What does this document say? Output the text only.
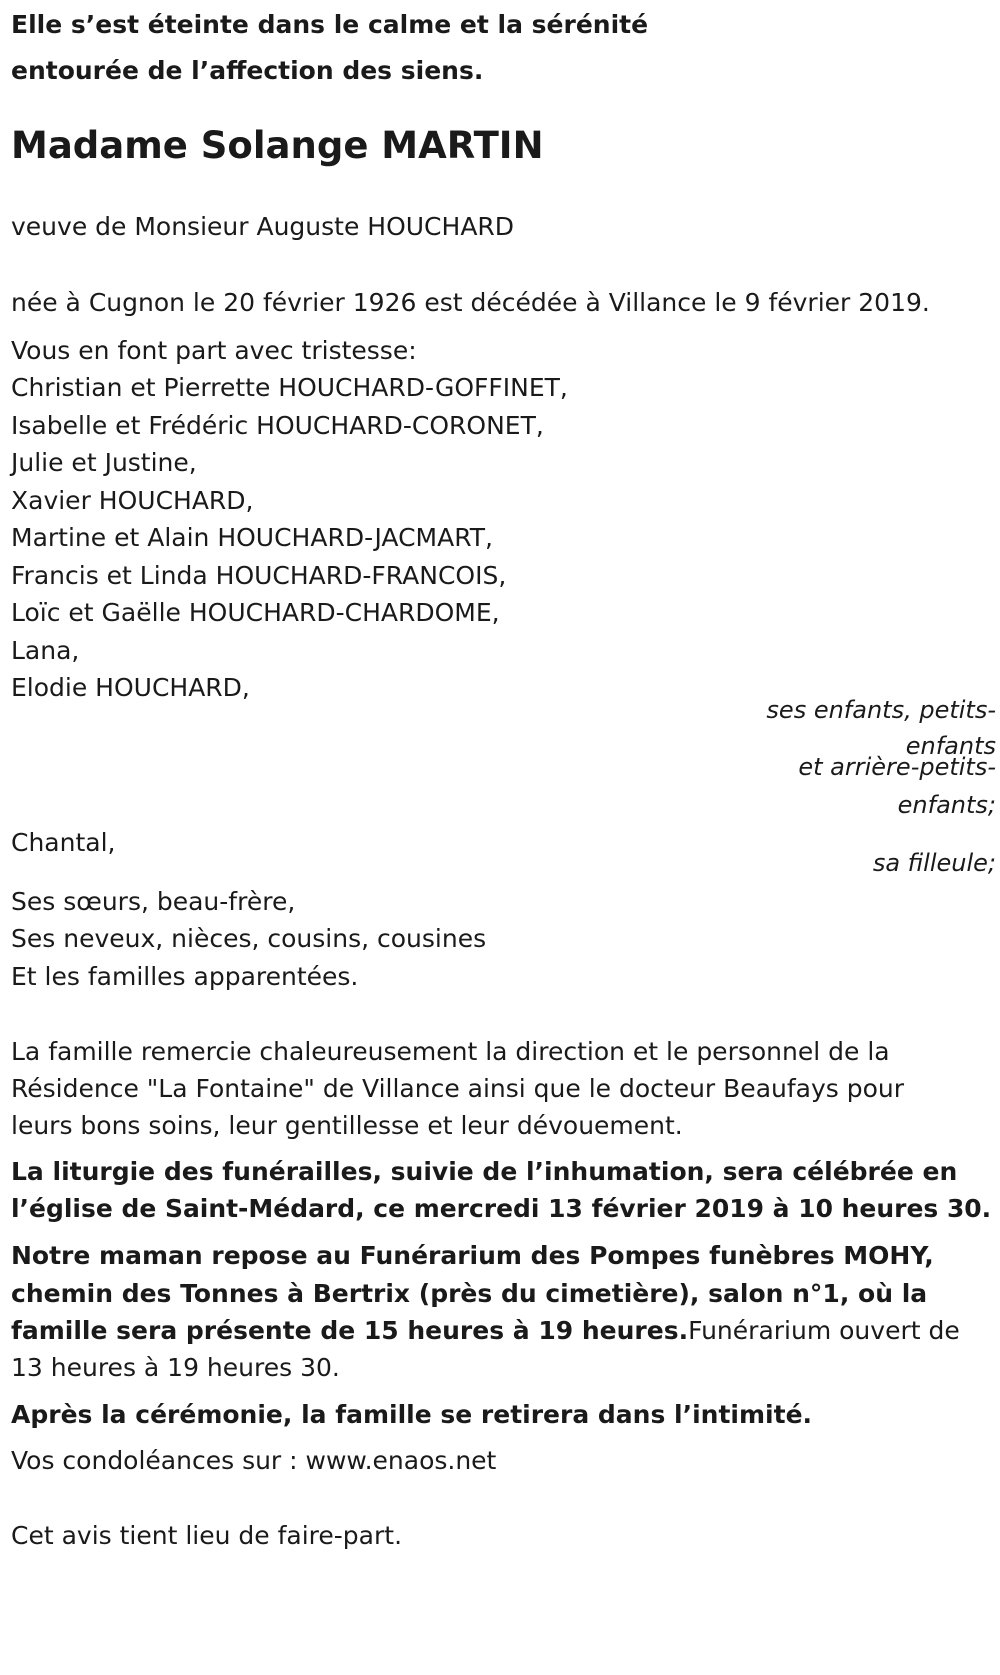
Elle s’est éteinte dans le calme et la sérénité
entourée de l’affection des siens.
Madame Solange MARTIN
veuve de Monsieur Auguste HOUCHARD
née à Cugnon le 20 février 1926 est décédée à Villance le 9 février 2019.
Vous en font part avec tristesse:
Christian et Pierrette HOUCHARD-GOFFINET,
Isabelle et Frédéric HOUCHARD-CORONET,
Julie et Justine,
Xavier HOUCHARD,
Martine et Alain HOUCHARD-JACMART,
Francis et Linda HOUCHARD-FRANCOIS,
Loïc et Gaëlle HOUCHARD-CHARDOME,
Lana,
Elodie HOUCHARD,
ses enfants, petits-
enfants
et arrière-petits-
enfants;
Chantal,
sa filleule;
Ses sœurs, beau-frère,
Ses neveux, nièces, cousins, cousines
Et les familles apparentées.
La famille remercie chaleureusement la direction et le personnel de la
Résidence "La Fontaine" de Villance ainsi que le docteur Beaufays pour
leurs bons soins, leur gentillesse et leur dévouement.
La liturgie des funérailles, suivie de l’inhumation, sera célébrée en
l’église de Saint-Médard, ce mercredi 13 février 2019 à 10 heures 30.
Notre maman repose au Funérarium des Pompes funèbres MOHY,
chemin des Tonnes à Bertrix (près du cimetière), salon n°1, où la
famille sera présente de 15 heures à 19 heures.Funérarium ouvert de
13 heures à 19 heures 30.
Après la cérémonie, la famille se retirera dans l’intimité.
Vos condoléances sur : www.enaos.net
Cet avis tient lieu de faire-part.
